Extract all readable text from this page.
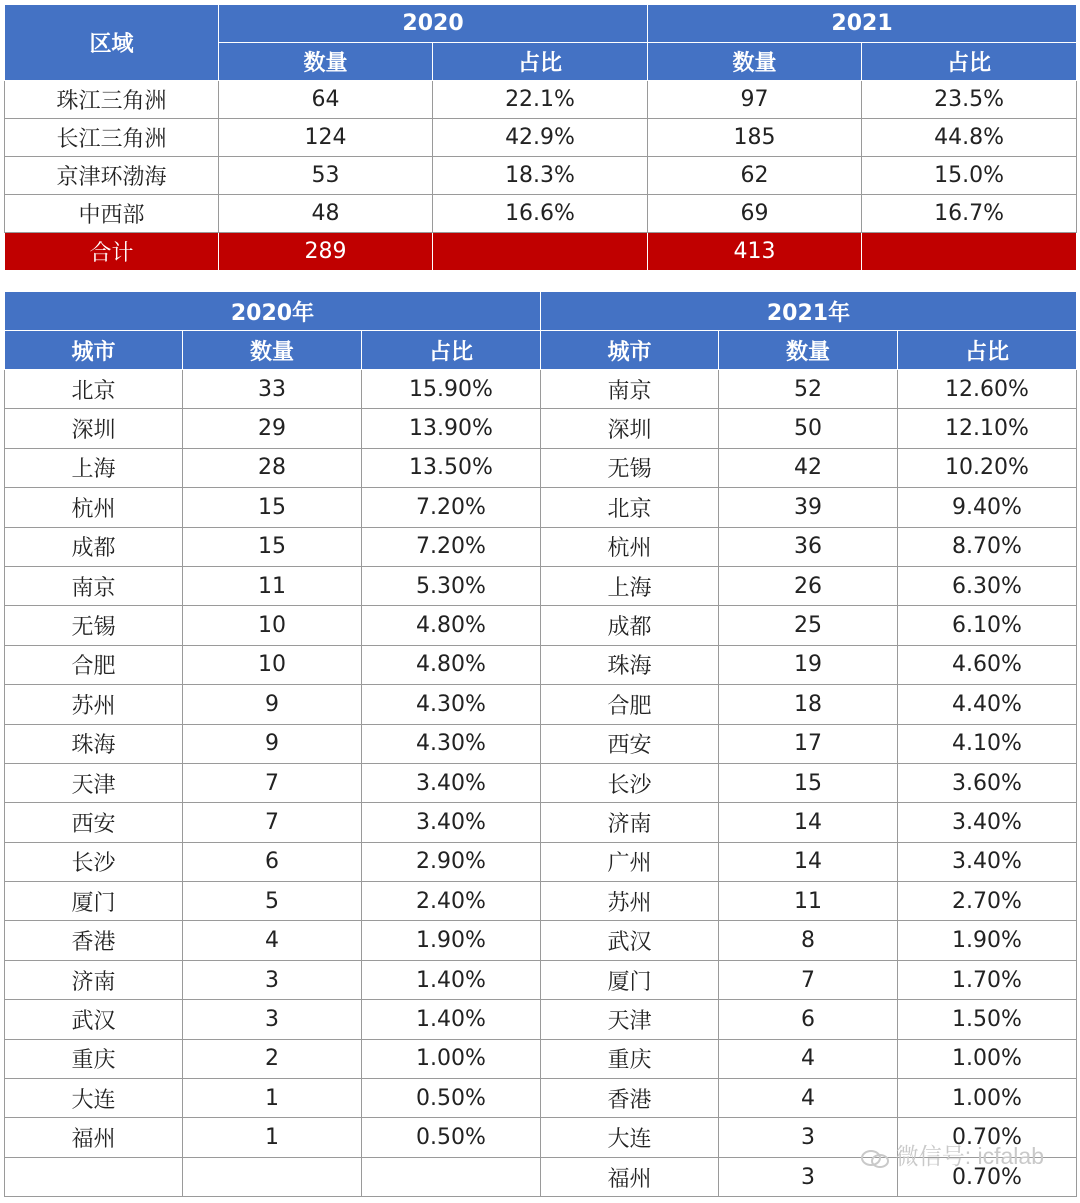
区域	2020		2021	
	数量	占比	数量	占比
珠江三角洲	64	22.1%	97	23.5%
长江三角洲	124	42.9%	185	44.8%
京津环渤海	53	18.3%	62	15.0%
中西部	48	16.6%	69	16.7%
合计	289		413	
2020年			2021年		
城市	数量	占比	城市	数量	占比
北京	33	15.90%	南京	52	12.60%
深圳	29	13.90%	深圳	50	12.10%
上海	28	13.50%	无锡	42	10.20%
杭州	15	7.20%	北京	39	9.40%
成都	15	7.20%	杭州	36	8.70%
南京	11	5.30%	上海	26	6.30%
无锡	10	4.80%	成都	25	6.10%
合肥	10	4.80%	珠海	19	4.60%
苏州	9	4.30%	合肥	18	4.40%
珠海	9	4.30%	西安	17	4.10%
天津	7	3.40%	长沙	15	3.60%
西安	7	3.40%	济南	14	3.40%
长沙	6	2.90%	广州	14	3.40%
厦门	5	2.40%	苏州	11	2.70%
香港	4	1.90%	武汉	8	1.90%
济南	3	1.40%	厦门	7	1.70%
武汉	3	1.40%	天津	6	1.50%
重庆	2	1.00%	重庆	4	1.00%
大连	1	0.50%	香港	4	1.00%
福州	1	0.50%	大连	3	0.70%
			福州	3	0.70%
微信号: icfalab
